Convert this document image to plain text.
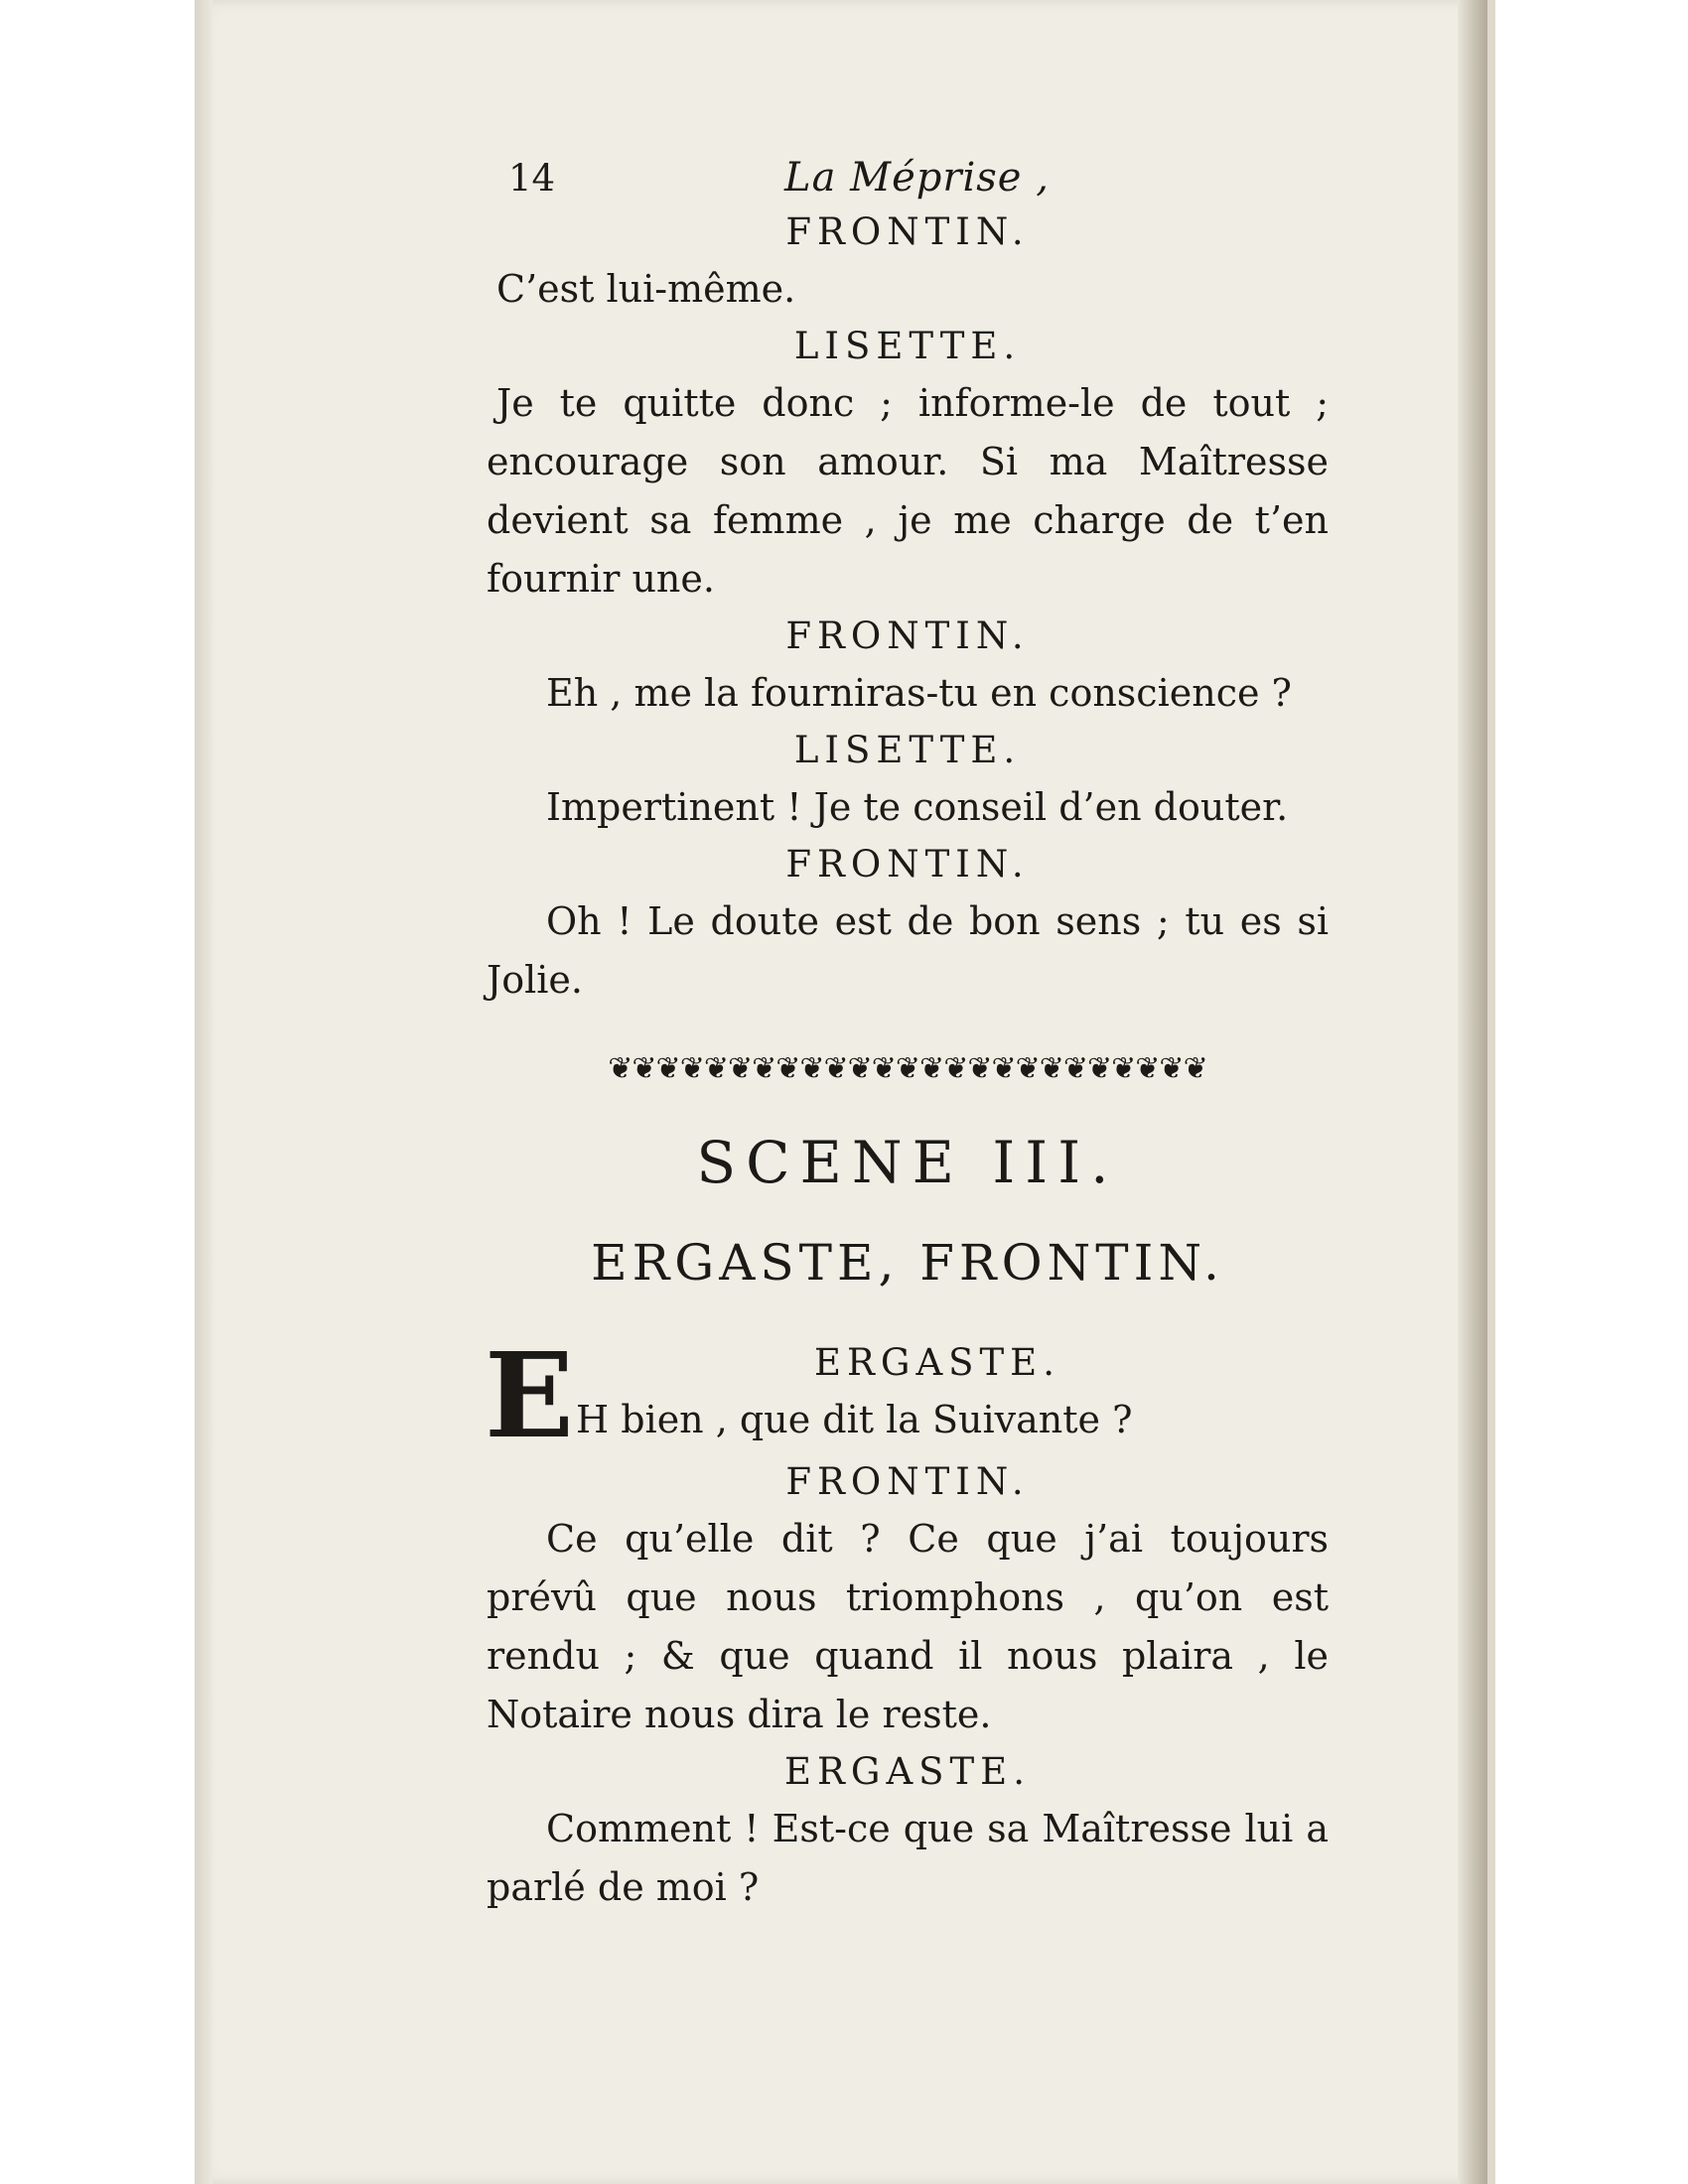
14	La Méprise ,
FRONTIN.

C’est lui-même.

LISETTE.

Je te quitte donc ; informe-le de tout ; encourage son amour. Si ma Maîtresse devient sa femme , je me charge de t’en fournir une.

FRONTIN.

Eh , me la fourniras-tu en conscience ?

LISETTE.

Impertinent ! Je te conseil d’en douter.

FRONTIN.

Oh ! Le doute est de bon sens ; tu es si Jolie.

❦❦❦❦❦❦❦❦❦❦❦❦❦❦❦❦❦❦❦❦❦❦❦❦❦
SCENE III.
ERGASTE, FRONTIN.
E	ERGASTE.
H bien , que dit la Suivante ?
FRONTIN.

Ce qu’elle dit ? Ce que j’ai toujours prévû que nous triomphons , qu’on est rendu ; & que quand il nous plaira , le Notaire nous dira le reste.

ERGASTE.

Comment ! Est-ce que sa Maîtresse lui a parlé de moi ?
